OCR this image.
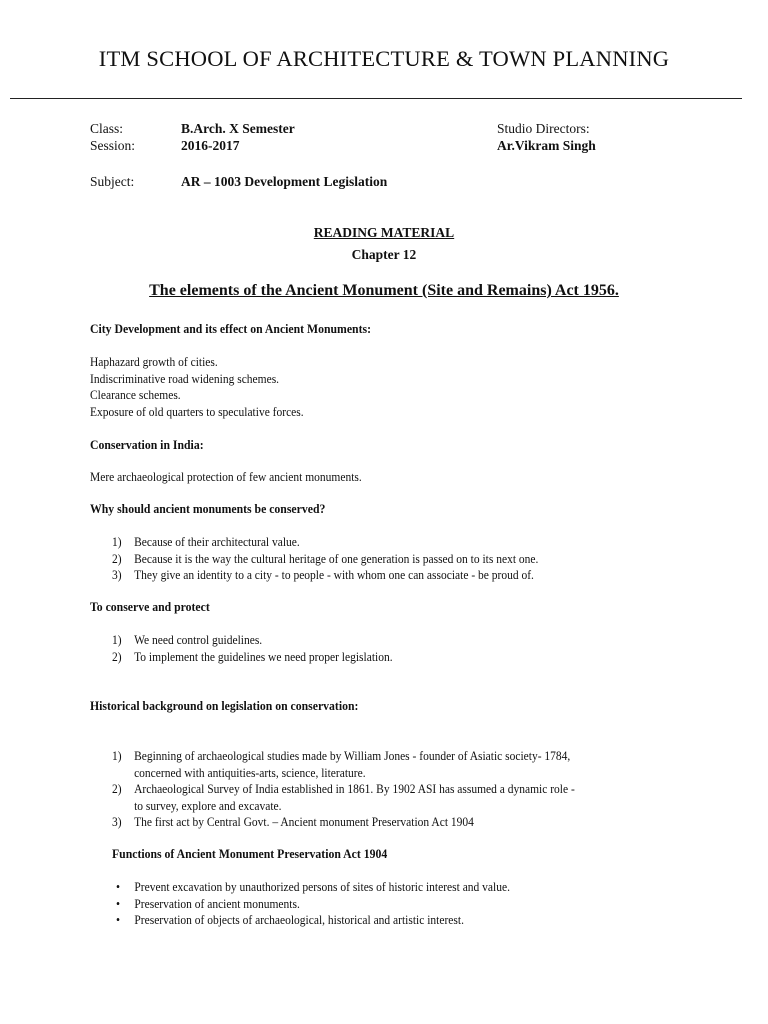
ITM SCHOOL OF ARCHITECTURE & TOWN PLANNING
Class:	B.Arch. X Semester	Studio Directors:
Session:	2016-2017	Ar.Vikram Singh
Subject:	AR – 1003 Development Legislation
READING MATERIAL
Chapter 12
The elements of the Ancient Monument (Site and Remains) Act 1956.
City Development and its effect on Ancient Monuments:
Haphazard growth of cities.
Indiscriminative road widening schemes.
Clearance schemes.
Exposure of old quarters to speculative forces.
Conservation in India:
Mere archaeological protection of few ancient monuments.
Why should ancient monuments be conserved?
1) Because of their architectural value.
2) Because it is the way the cultural heritage of one generation is passed on to its next one.
3) They give an identity to a city - to people - with whom one can associate - be proud of.
To conserve and protect
1) We need control guidelines.
2) To implement the guidelines we need proper legislation.
Historical background on legislation on conservation:
1) Beginning of archaeological studies made by William Jones - founder of Asiatic society- 1784,
concerned with antiquities-arts, science, literature.
2) Archaeological Survey of India established in 1861. By 1902 ASI has assumed a dynamic role -
to survey, explore and excavate.
3) The first act by Central Govt. – Ancient monument Preservation Act 1904
Functions of Ancient Monument Preservation Act 1904
• Prevent excavation by unauthorized persons of sites of historic interest and value.
• Preservation of ancient monuments.
• Preservation of objects of archaeological, historical and artistic interest.
